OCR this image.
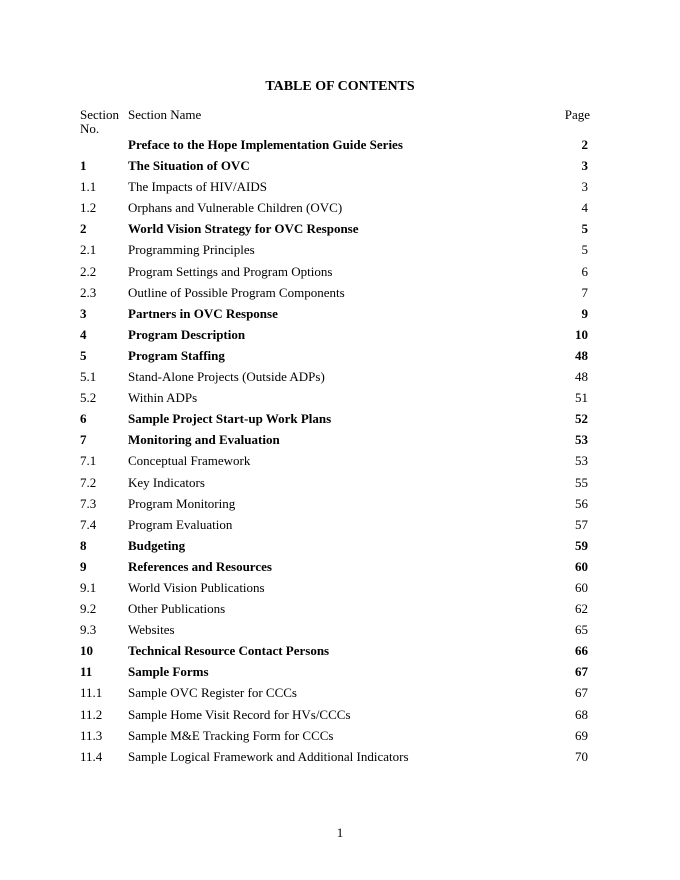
TABLE OF CONTENTS
Section No.
Section Name	Page
Preface to the Hope Implementation Guide Series	2
1	The Situation of OVC	3
1.1 The Impacts of HIV/AIDS	3
1.2 Orphans and Vulnerable Children (OVC)	4
2	World Vision Strategy for OVC Response	5
2.1 Programming Principles	5
2.2 Program Settings and Program Options	6
2.3 Outline of Possible Program Components	7
3	Partners in OVC Response	9
4	Program Description	10
5	Program Staffing	48
5.1 Stand-Alone Projects (Outside ADPs)	48
5.2 Within ADPs	51
6	Sample Project Start-up Work Plans	52
7	Monitoring and Evaluation	53
7.1 Conceptual Framework	53
7.2 Key Indicators	55
7.3 Program Monitoring	56
7.4 Program Evaluation	57
8	Budgeting	59
9	References and Resources	60
9.1 World Vision Publications	60
9.2 Other Publications	62
9.3 Websites	65
10	Technical Resource Contact Persons	66
11	Sample Forms	67
11.1 Sample OVC Register for CCCs	67
11.2 Sample Home Visit Record for HVs/CCCs	68
11.3 Sample M&E Tracking Form for CCCs	69
11.4 Sample Logical Framework and Additional Indicators	70
1
